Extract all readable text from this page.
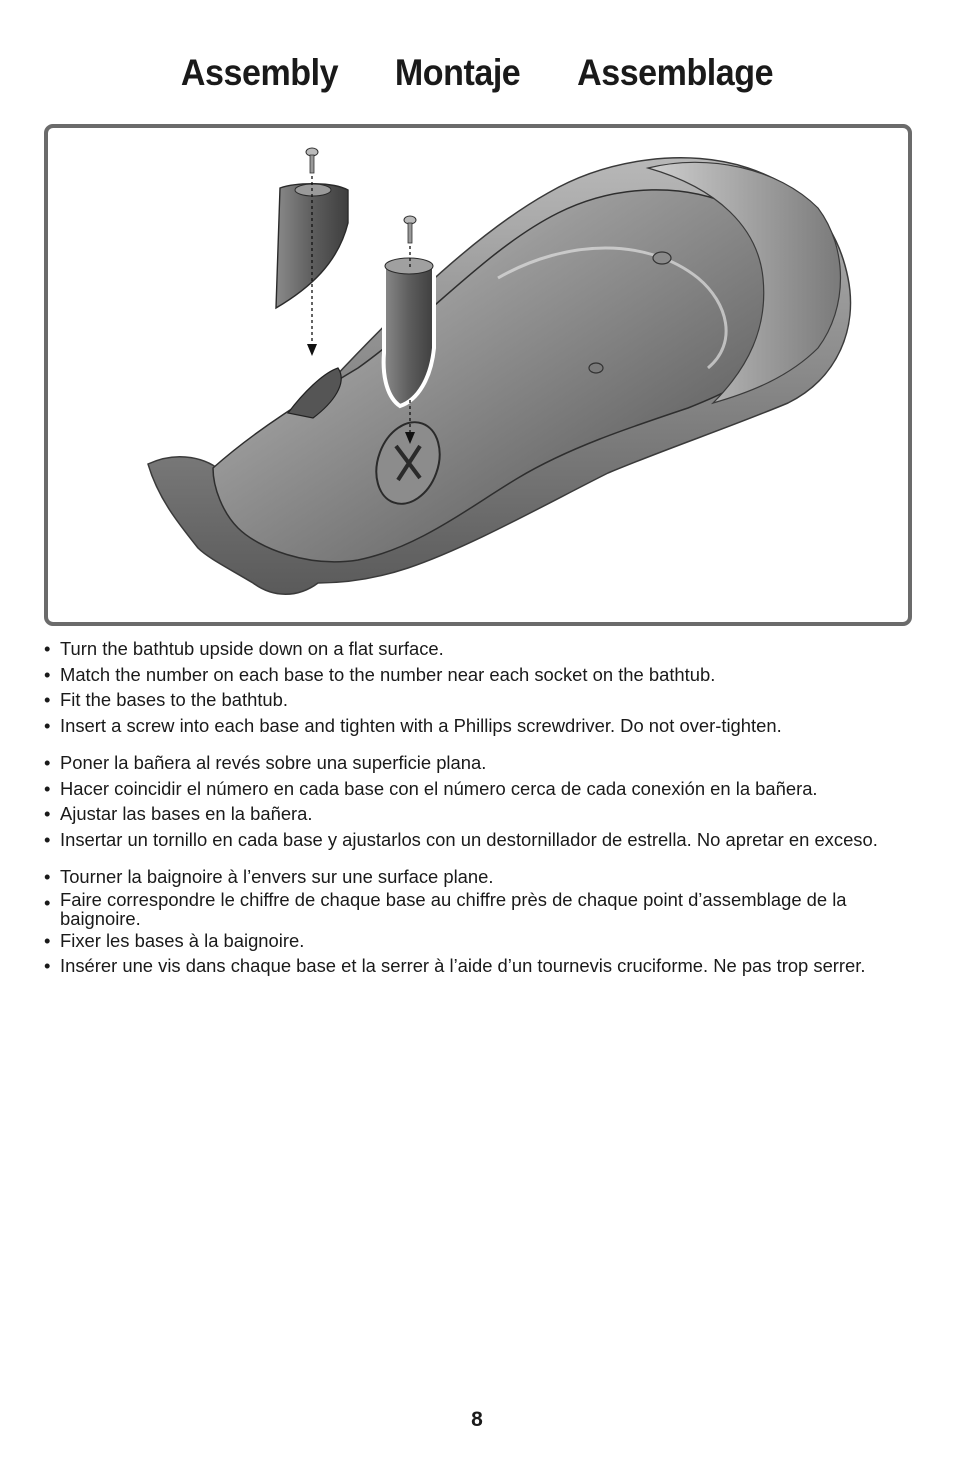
Assembly Montaje Assemblage
• Turn the bathtub upside down on a flat surface.
• Match the number on each base to the number near each socket on the bathtub.
• Fit the bases to the bathtub.
• Insert a screw into each base and tighten with a Phillips screwdriver. Do not over-tighten.
• Poner la bañera al revés sobre una superficie plana.
• Hacer coincidir el número en cada base con el número cerca de cada conexión en la bañera.
• Ajustar las bases en la bañera.
• Insertar un tornillo en cada base y ajustarlos con un destornillador de estrella. No apretar en exceso.
• Tourner la baignoire à l’envers sur une surface plane.
• Faire correspondre le chiffre de chaque base au chiffre près de chaque point d’assemblage de la baignoire.
• Fixer les bases à la baignoire.
• Insérer une vis dans chaque base et la serrer à l’aide d’un tournevis cruciforme. Ne pas trop serrer.
8
